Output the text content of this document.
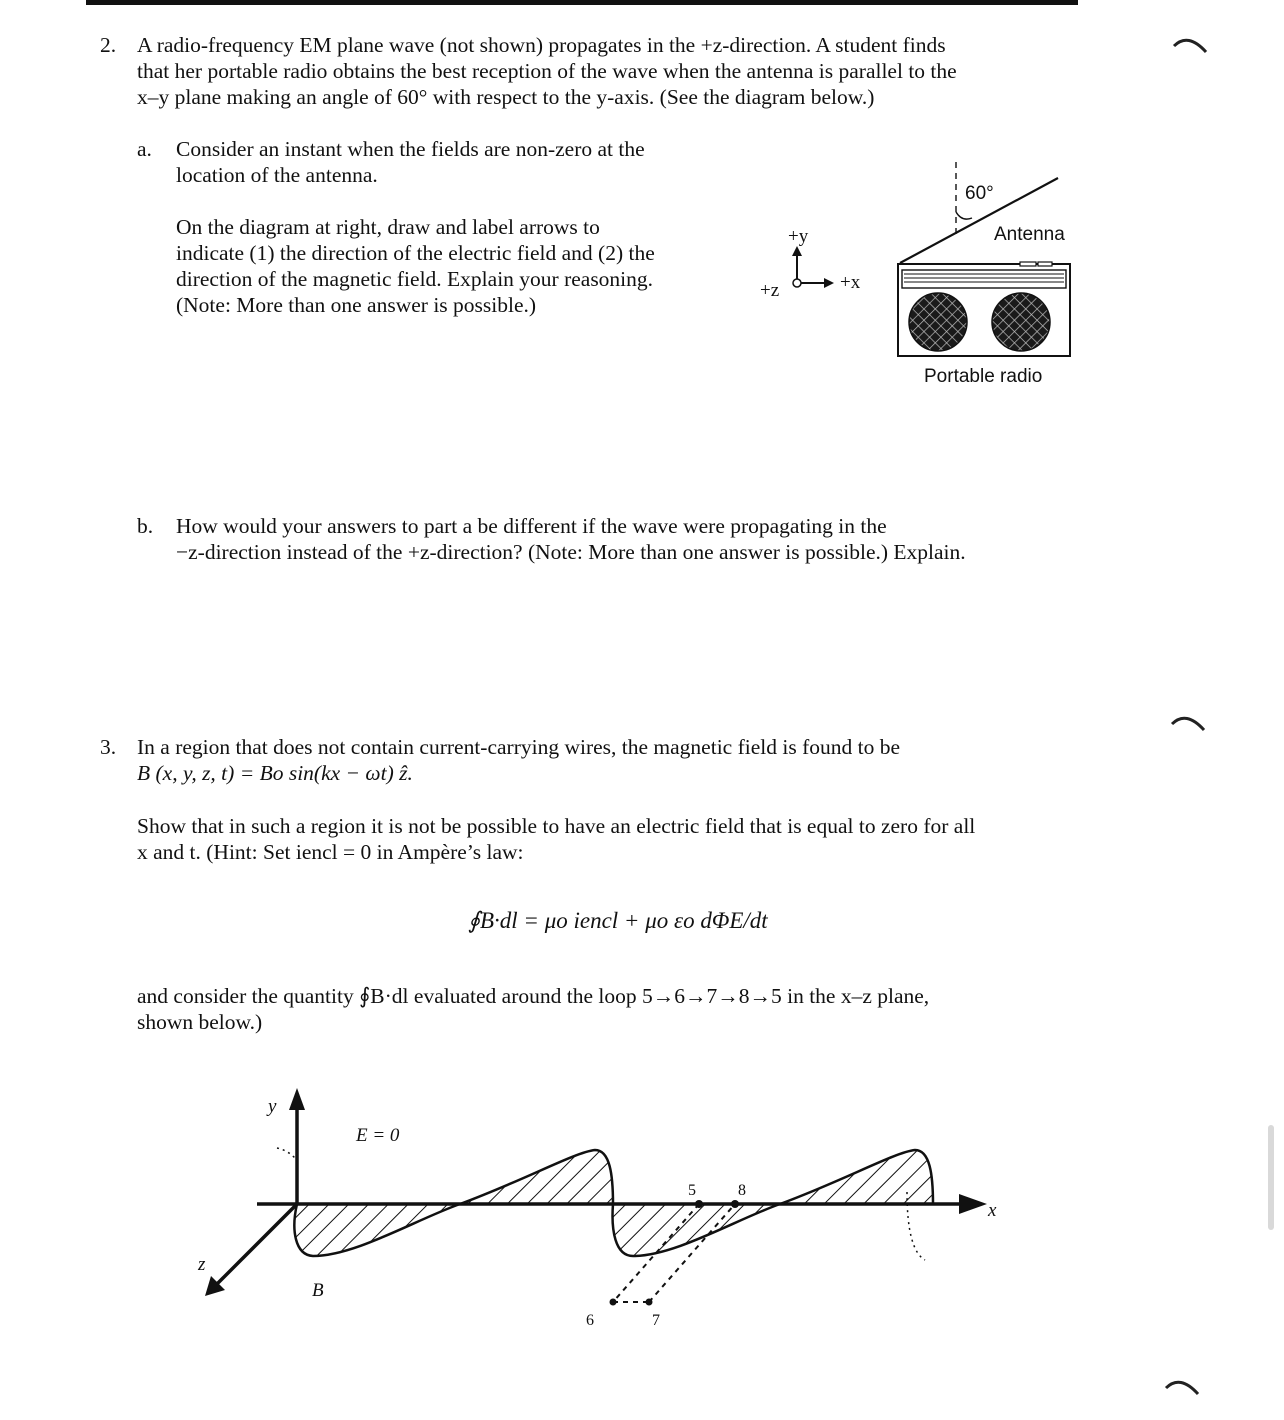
2. A radio-frequency EM plane wave (not shown) propagates in the +z-direction. A student finds
that her portable radio obtains the best reception of the wave when the antenna is parallel to the
x–y plane making an angle of 60° with respect to the y-axis. (See the diagram below.)
a. Consider an instant when the fields are non-zero at the
location of the antenna.
On the diagram at right, draw and label arrows to
indicate (1) the direction of the electric field and (2) the
direction of the magnetic field. Explain your reasoning.
(Note: More than one answer is possible.)
+y
+x
+z
60°
Antenna
Portable radio
b. How would your answers to part a be different if the wave were propagating in the
−z-direction instead of the +z-direction? (Note: More than one answer is possible.) Explain.
3. In a region that does not contain current-carrying wires, the magnetic field is found to be
B (x, y, z, t) = Bo sin(kx − ωt) ẑ.
Show that in such a region it is not be possible to have an electric field that is equal to zero for all
x and t. (Hint: Set iencl = 0 in Ampère’s law:
∮B·dl = μo iencl + μo εo dΦE/dt
and consider the quantity ∮B·dl evaluated around the loop 5→6→7→8→5 in the x–z plane,
shown below.)
y
x
z
E = 0
B
5
6	7
8
